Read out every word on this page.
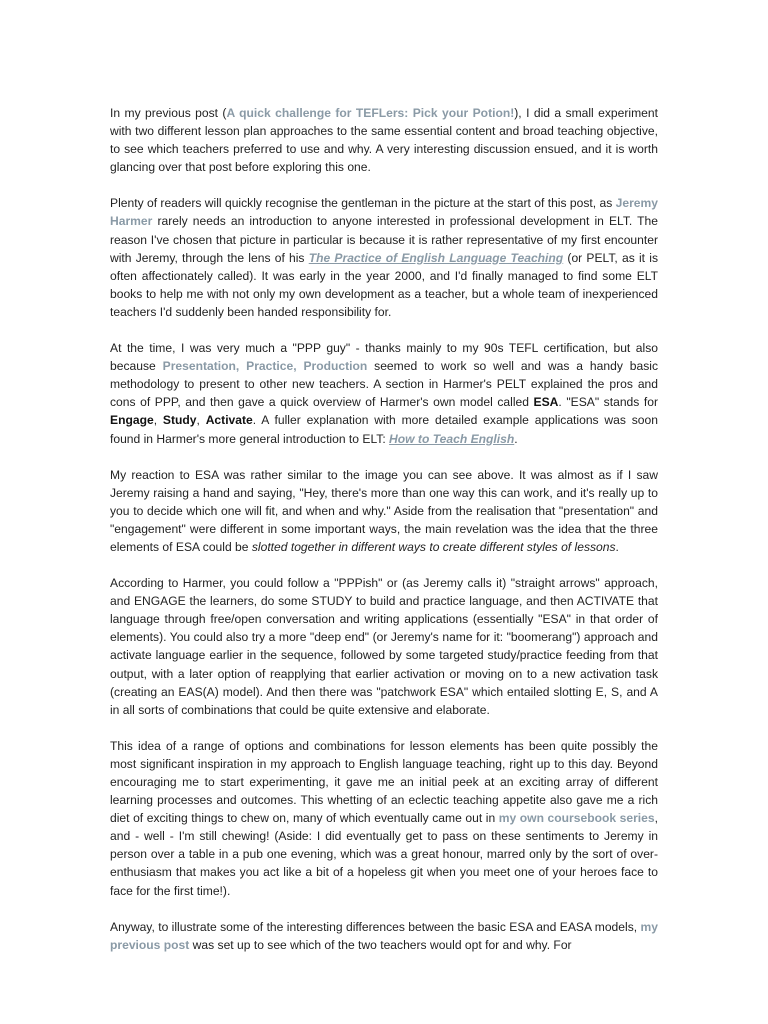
In my previous post (A quick challenge for TEFLers: Pick your Potion!), I did a small experiment with two different lesson plan approaches to the same essential content and broad teaching objective, to see which teachers preferred to use and why. A very interesting discussion ensued, and it is worth glancing over that post before exploring this one.

Plenty of readers will quickly recognise the gentleman in the picture at the start of this post, as Jeremy Harmer rarely needs an introduction to anyone interested in professional development in ELT. The reason I've chosen that picture in particular is because it is rather representative of my first encounter with Jeremy, through the lens of his The Practice of English Language Teaching (or PELT, as it is often affectionately called). It was early in the year 2000, and I'd finally managed to find some ELT books to help me with not only my own development as a teacher, but a whole team of inexperienced teachers I'd suddenly been handed responsibility for.

At the time, I was very much a "PPP guy" - thanks mainly to my 90s TEFL certification, but also because Presentation, Practice, Production seemed to work so well and was a handy basic methodology to present to other new teachers. A section in Harmer's PELT explained the pros and cons of PPP, and then gave a quick overview of Harmer's own model called ESA. "ESA" stands for Engage, Study, Activate. A fuller explanation with more detailed example applications was soon found in Harmer's more general introduction to ELT: How to Teach English.

My reaction to ESA was rather similar to the image you can see above. It was almost as if I saw Jeremy raising a hand and saying, "Hey, there's more than one way this can work, and it's really up to you to decide which one will fit, and when and why." Aside from the realisation that "presentation" and "engagement" were different in some important ways, the main revelation was the idea that the three elements of ESA could be slotted together in different ways to create different styles of lessons.

According to Harmer, you could follow a "PPPish" or (as Jeremy calls it) "straight arrows" approach, and ENGAGE the learners, do some STUDY to build and practice language, and then ACTIVATE that language through free/open conversation and writing applications (essentially "ESA" in that order of elements). You could also try a more "deep end" (or Jeremy's name for it: "boomerang") approach and activate language earlier in the sequence, followed by some targeted study/practice feeding from that output, with a later option of reapplying that earlier activation or moving on to a new activation task (creating an EAS(A) model). And then there was "patchwork ESA" which entailed slotting E, S, and A in all sorts of combinations that could be quite extensive and elaborate.

This idea of a range of options and combinations for lesson elements has been quite possibly the most significant inspiration in my approach to English language teaching, right up to this day. Beyond encouraging me to start experimenting, it gave me an initial peek at an exciting array of different learning processes and outcomes. This whetting of an eclectic teaching appetite also gave me a rich diet of exciting things to chew on, many of which eventually came out in my own coursebook series, and - well - I'm still chewing! (Aside: I did eventually get to pass on these sentiments to Jeremy in person over a table in a pub one evening, which was a great honour, marred only by the sort of over-enthusiasm that makes you act like a bit of a hopeless git when you meet one of your heroes face to face for the first time!).

Anyway, to illustrate some of the interesting differences between the basic ESA and EASA models, my previous post was set up to see which of the two teachers would opt for and why. For
